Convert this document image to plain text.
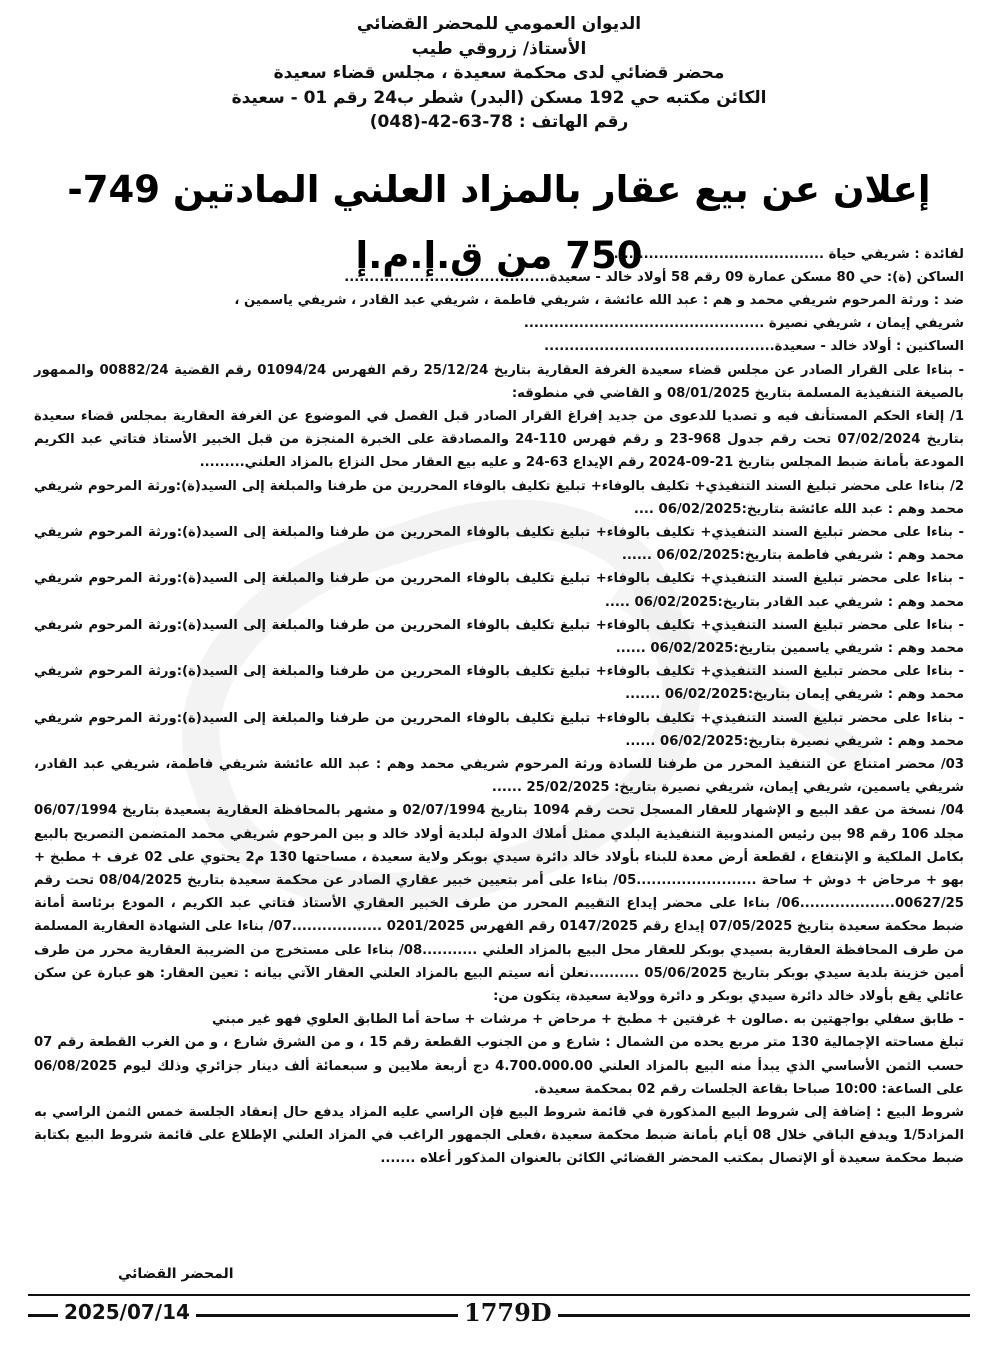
الديوان العمومي للمحضر القضائي
الأستاذ/ زروقي طيب
محضر قضائي لدى محكمة سعيدة ، مجلس قضاء سعيدة
الكائن مكتبه حي 192 مسكن (البدر) شطر ب24 رقم 01 - سعيدة
رقم الهاتف : 78-63-42-(048)
إعلان عن بيع عقار بالمزاد العلني المادتين 749-750 من ق.إ.م.إ
لفائدة : شريفي حياة ..........................................
الساكن (ة): حي 80 مسكن عمارة 09 رقم 58 أولاد خالد - سعيدة.........................................
ضد : ورثة المرحوم شريفي محمد و هم : عبد الله عائشة ، شريفي فاطمة ، شريفي عبد القادر ، شريفي ياسمين ،
شريفي إيمان ، شريفي نصيرة ................................................
الساكنين : أولاد خالد - سعيدة..............................................
- بناءا على القرار الصادر عن مجلس قضاء سعيدة الغرفة العقارية بتاريخ 25/12/24 رقم الفهرس 01094/24 رقم القضية 00882/24 والممهور بالصيغة التنفيذية المسلمة بتاريخ 08/01/2025 و القاضي في منطوقه:
1/ إلغاء الحكم المستأنف فيه و تصديا للدعوى من جديد إفراغ القرار الصادر قبل الفصل في الموضوع عن الغرفة العقارية بمجلس قضاء سعيدة بتاريخ 07/02/2024 تحت رقم جدول 968-23 و رقم فهرس 110-24 والمصادقة على الخبرة المنجزة من قبل الخبير الأستاذ فتاتي عبد الكريم المودعة بأمانة ضبط المجلس بتاريخ 21-09-2024 رقم الإيداع 63-24 و عليه بيع العقار محل النزاع بالمزاد العلني.........
2/ بناءا على محضر تبليغ السند التنفيذي+ تكليف بالوفاء+ تبليغ تكليف بالوفاء المحررين من طرفنا والمبلغة إلى السيد(ة):ورثة المرحوم شريفي محمد وهم : عبد الله عائشة بتاريخ:06/02/2025 ....
- بناءا على محضر تبليغ السند التنفيذي+ تكليف بالوفاء+ تبليغ تكليف بالوفاء المحررين من طرفنا والمبلغة إلى السيد(ة):ورثة المرحوم شريفي محمد وهم : شريفي فاطمة بتاريخ:06/02/2025 ......
- بناءا على محضر تبليغ السند التنفيذي+ تكليف بالوفاء+ تبليغ تكليف بالوفاء المحررين من طرفنا والمبلغة إلى السيد(ة):ورثة المرحوم شريفي محمد وهم : شريفي عبد القادر بتاريخ:06/02/2025 .....
- بناءا على محضر تبليغ السند التنفيذي+ تكليف بالوفاء+ تبليغ تكليف بالوفاء المحررين من طرفنا والمبلغة إلى السيد(ة):ورثة المرحوم شريفي محمد وهم : شريفي ياسمين بتاريخ:06/02/2025 ......
- بناءا على محضر تبليغ السند التنفيذي+ تكليف بالوفاء+ تبليغ تكليف بالوفاء المحررين من طرفنا والمبلغة إلى السيد(ة):ورثة المرحوم شريفي محمد وهم : شريفي إيمان بتاريخ:06/02/2025 .......
- بناءا على محضر تبليغ السند التنفيذي+ تكليف بالوفاء+ تبليغ تكليف بالوفاء المحررين من طرفنا والمبلغة إلى السيد(ة):ورثة المرحوم شريفي محمد وهم : شريفي نصيرة بتاريخ:06/02/2025 ......
03/ محضر امتناع عن التنفيذ المحرر من طرفنا للسادة ورثة المرحوم شريفي محمد وهم : عبد الله عائشة شريفي فاطمة، شريفي عبد القادر، شريفي ياسمين، شريفي إيمان، شريفي نصيرة بتاريخ: 25/02/2025 ......
04/ نسخة من عقد البيع و الإشهار للعقار المسجل تحت رقم 1094 بتاريخ 02/07/1994 و مشهر بالمحافظة العقارية بسعيدة بتاريخ 06/07/1994 مجلد 106 رقم 98 بين رئيس المندوبية التنفيذية البلدي ممثل أملاك الدولة لبلدية أولاد خالد و بين المرحوم شريفي محمد المتضمن التصريح بالبيع بكامل الملكية و الإنتفاع ، لقطعة أرض معدة للبناء بأولاد خالد دائرة سيدي بوبكر ولاية سعيدة ، مساحتها 130 م2 يحتوي على 02 غرف + مطبخ + بهو + مرحاض + دوش + ساحة ........................05/ بناءا على أمر بتعيين خبير عقاري الصادر عن محكمة سعيدة بتاريخ 08/04/2025 تحت رقم 00627/25...................06/ بناءا على محضر إيداع التقييم المحرر من طرف الخبير العقاري الأستاذ فتاتي عبد الكريم ، المودع برئاسة أمانة ضبط محكمة سعيدة بتاريخ 07/05/2025 إيداع رقم 0147/2025 رقم الفهرس 0201/2025 ..................07/ بناءا على الشهادة العقارية المسلمة من طرف المحافظة العقارية بسيدي بوبكر للعقار محل البيع بالمزاد العلني ...........08/ بناءا على مستخرج من الضريبة العقارية محرر من طرف أمين خزينة بلدية سيدي بوبكر بتاريخ 05/06/2025 ..........نعلن أنه سيتم البيع بالمزاد العلني العقار الآتي بيانه : تعين العقار: هو عبارة عن سكن عائلي يقع بأولاد خالد دائرة سيدي بوبكر و دائرة وولاية سعيدة، يتكون من:
- طابق سفلي بواجهتين به .صالون + غرفتين + مطبخ + مرحاض + مرشات + ساحة أما الطابق العلوي فهو غير مبني
تبلغ مساحته الإجمالية 130 متر مربع يحده من الشمال : شارع و من الجنوب القطعة رقم 15 ، و من الشرق شارع ، و من الغرب القطعة رقم 07 حسب الثمن الأساسي الذي يبدأ منه البيع بالمزاد العلني 4.700.000.00 دج أربعة ملايين و سبعمائة ألف دينار جزائري وذلك ليوم 06/08/2025 على الساعة: 10:00 صباحا بقاعة الجلسات رقم 02 بمحكمة سعيدة.
شروط البيع : إضافة إلى شروط البيع المذكورة في قائمة شروط البيع فإن الراسي عليه المزاد يدفع حال إنعقاد الجلسة خمس الثمن الراسي به المزاد1/5 ويدفع الباقي خلال 08 أيام بأمانة ضبط محكمة سعيدة ،فعلى الجمهور الراغب في المزاد العلني الإطلاع على قائمة شروط البيع بكتابة ضبط محكمة سعيدة أو الإتصال بمكتب المحضر القضائي الكائن بالعنوان المذكور أعلاه .......
المحضر القضائي
1779D
2025/07/14
